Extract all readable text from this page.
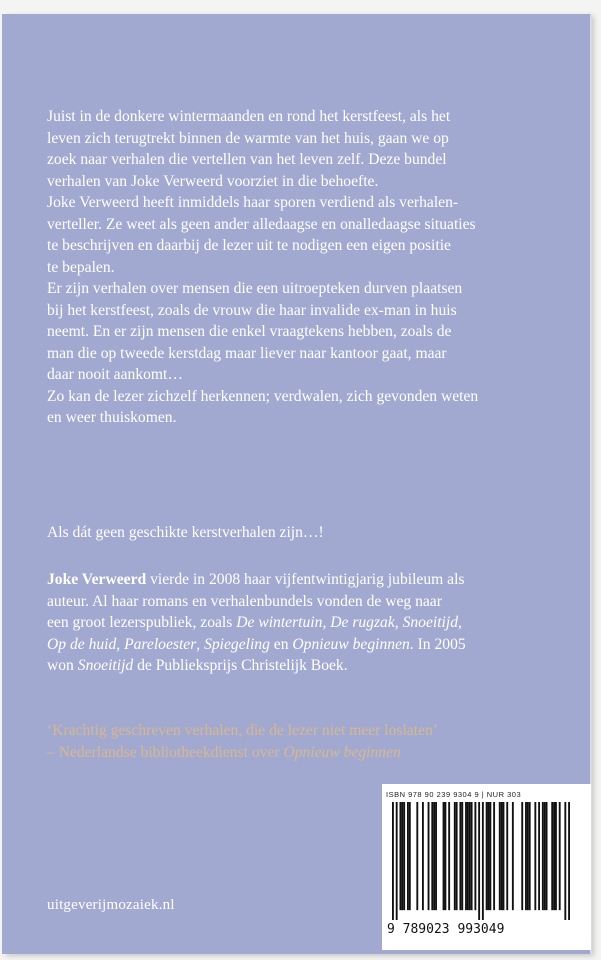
Juist in de donkere wintermaanden en rond het kerstfeest, als het

leven zich terugtrekt binnen de warmte van het huis, gaan we op

zoek naar verhalen die vertellen van het leven zelf. Deze bundel

verhalen van Joke Verweerd voorziet in die behoefte.

Joke Verweerd heeft inmiddels haar sporen verdiend als verhalen-

verteller. Ze weet als geen ander alledaagse en onalledaagse situaties

te beschrijven en daarbij de lezer uit te nodigen een eigen positie

te bepalen.

Er zijn verhalen over mensen die een uitroepteken durven plaatsen

bij het kerstfeest, zoals de vrouw die haar invalide ex-man in huis

neemt. En er zijn mensen die enkel vraagtekens hebben, zoals de

man die op tweede kerstdag maar liever naar kantoor gaat, maar

daar nooit aankomt…

Zo kan de lezer zichzelf herkennen; verdwalen, zich gevonden weten

en weer thuiskomen.

Als dát geen geschikte kerstverhalen zijn…!

Joke Verweerd vierde in 2008 haar vijfentwintigjarig jubileum als

auteur. Al haar romans en verhalenbundels vonden de weg naar

een groot lezerspubliek, zoals De wintertuin, De rugzak, Snoeitijd,

Op de huid, Pareloester, Spiegeling en Opnieuw beginnen. In 2005

won Snoeitijd de Publieksprijs Christelijk Boek.

‘Krachtig geschreven verhalen, die de lezer niet meer loslaten’

– Nederlandse bibliotheekdienst over Opnieuw beginnen

ISBN 978 90 239 9304 9 | NUR 303
9 789023 993049
uitgeverijmozaiek.nl
